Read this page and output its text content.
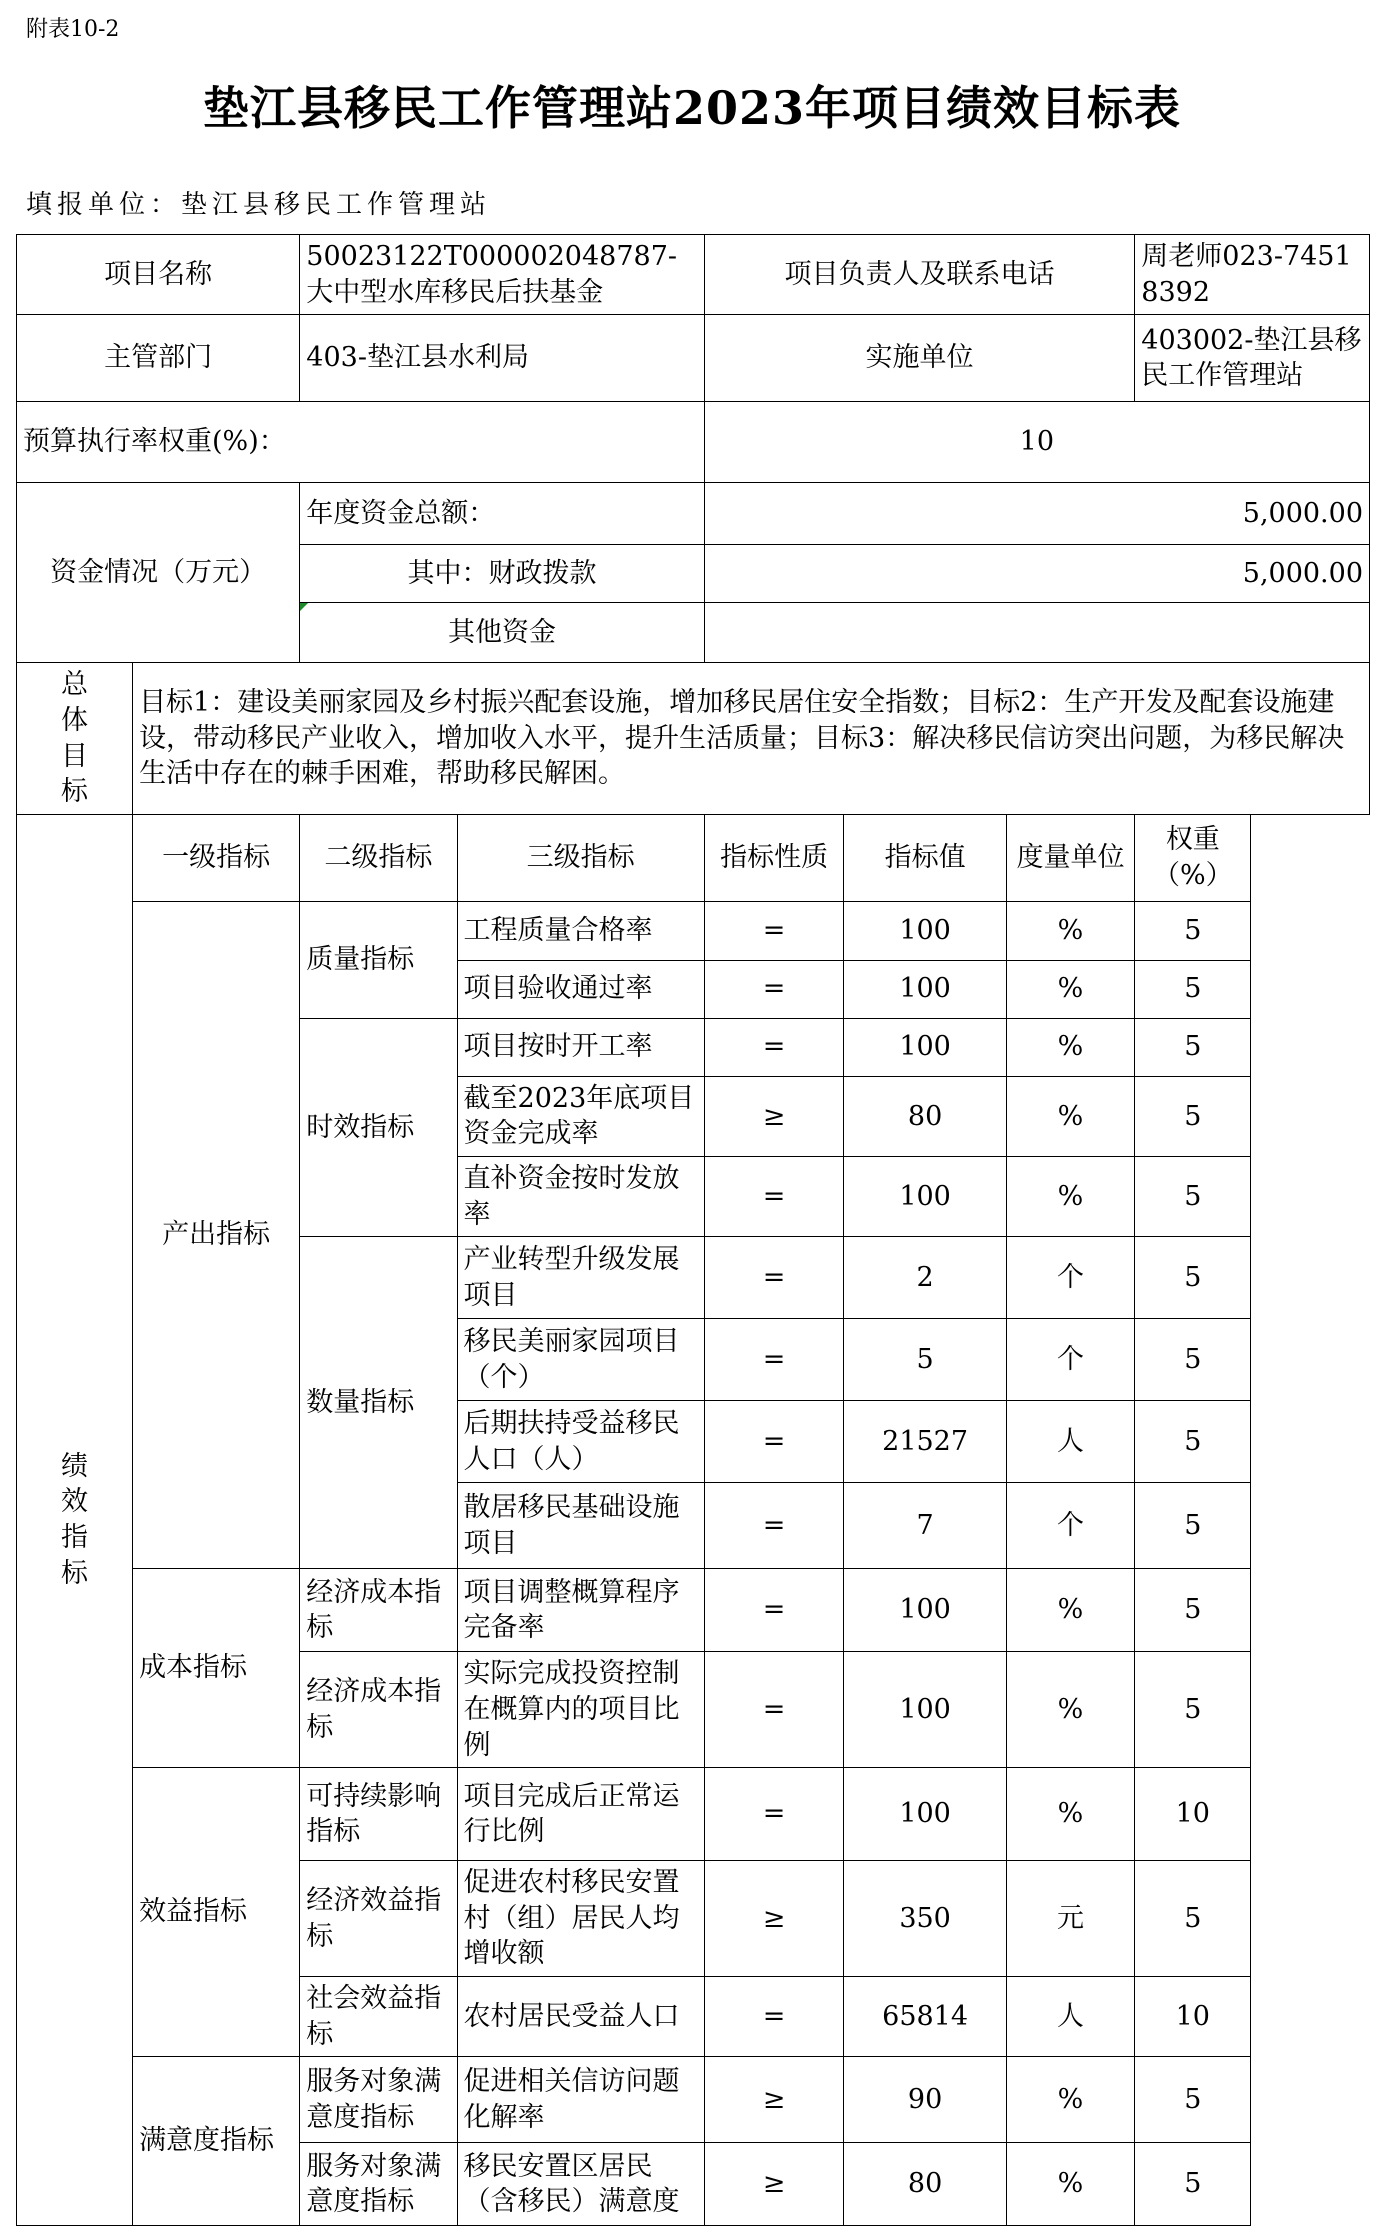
附表10-2
垫江县移民工作管理站2023年项目绩效目标表
填报单位：垫江县移民工作管理站
项目名称		50023122T000002048787-大中型水库移民后扶基金		项目负责人及联系电话			周老师023-74518392
主管部门		403-垫江县水利局		实施单位			403002-垫江县移民工作管理站
预算执行率权重(%)：				10			
资金情况（万元）		年度资金总额：		5,000.00			
		其中：财政拨款		5,000.00			
		其他资金					

总
体
目
标	目标1：建设美丽家园及乡村振兴配套设施，增加移民居住安全指数；目标2：生产开发及配套设施建设，带动移民产业收入，增加收入水平，提升生活质量；目标3：解决移民信访突出问题，为移民解决生活中存在的棘手困难，帮助移民解困。						

绩
效
指
标	一级指标	二级指标	三级指标	指标性质	指标值	度量单位	权重（%）
	产出指标	质量指标	工程质量合格率	=	100	%	5
			项目验收通过率	=	100	%	5
		时效指标	项目按时开工率	=	100	%	5
			截至2023年底项目资金完成率	≥	80	%	5
			直补资金按时发放率	=	100	%	5
		数量指标	产业转型升级发展项目	=	2	个	5
			移民美丽家园项目（个）	=	5	个	5
			后期扶持受益移民人口（人）	=	21527	人	5
			散居移民基础设施项目	=	7	个	5
	成本指标	经济成本指标	项目调整概算程序完备率	=	100	%	5
		经济成本指标	实际完成投资控制在概算内的项目比例	=	100	%	5
	效益指标	可持续影响指标	项目完成后正常运行比例	=	100	%	10
		经济效益指标	促进农村移民安置村（组）居民人均增收额	≥	350	元	5
		社会效益指标	农村居民受益人口	=	65814	人	10
	满意度指标	服务对象满意度指标	促进相关信访问题化解率	≥	90	%	5
		服务对象满意度指标	移民安置区居民（含移民）满意度	≥	80	%	5
